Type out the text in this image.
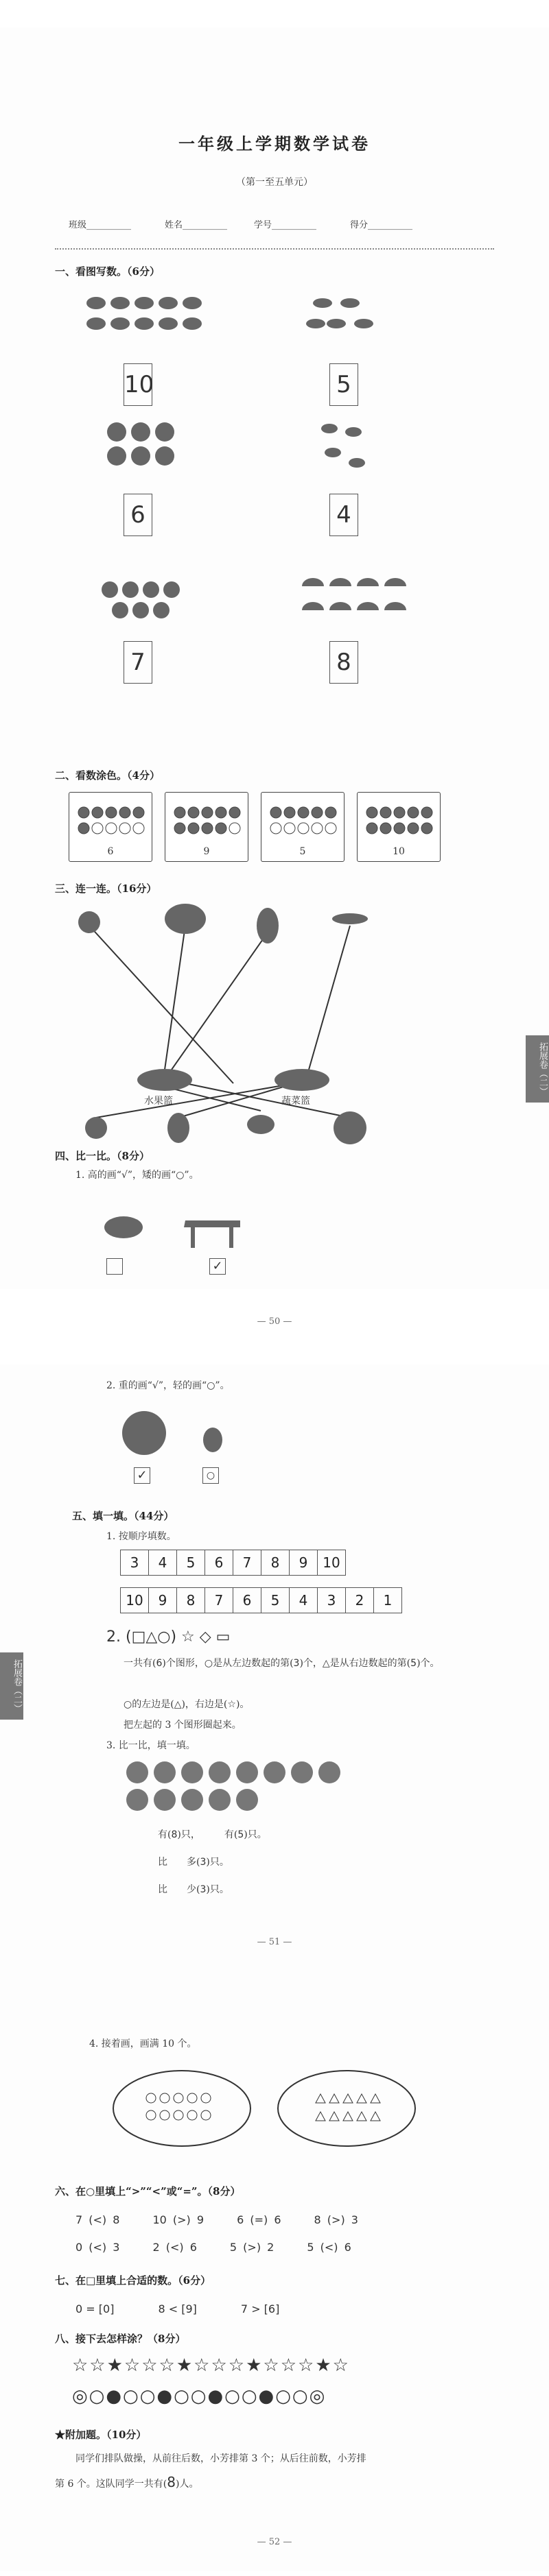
一年级上学期数学试卷
（第一至五单元）
班级__________	姓名__________	学号__________	得分__________
一、看图写数。（6分）
10	5
6	4
7	8
二、看数涂色。（4分）
6	9	5	10
三、连一连。（16分）
水果篮	蔬菜篮
拓展卷（二）
四、比一比。（8分）
1. 高的画“√”，矮的画“○”。
✓
— 50 —
2. 重的画“√”，轻的画“○”。
✓	○
五、填一填。（44分）
1. 按顺序填数。
3 4 5 6 7 8 9 10
10 9 8 7 6 5 4 3 2 1
2. (□△○) ☆ ◇ ▭
一共有(6)个图形，○是从左边数起的第(3)个，△是从右边数起的第(5)个。
○的左边是(△)，右边是(☆)。
把左起的 3 个图形圈起来。
3. 比一比，填一填。
有(8)只，　　　	有(5)只。
比　　 多(3)只。
比　　 少(3)只。
拓展卷（二）
— 51 —
4. 接着画，画满 10 个。
六、在○里填上“>”“<”或“=”。（8分）
7 (<) 8　　　	10 (>) 9　　　	6 (=) 6　　　	8 (>) 3
0 (<) 3　　　	2 (<) 6　　　	5 (>) 2　　　	5 (<) 6
七、在□里填上合适的数。（6分）
0 = [0]　　　　8 < [9]　　　　7 > [6]
八、接下去怎样涂？（8分）
☆☆★☆☆☆★☆☆☆★☆☆☆★☆
◎○●○○●○○●○○●○○◎
★附加题。（10分）
同学们排队做操，从前往后数，小芳排第 3 个；从后往前数，小芳排
第 6 个。这队同学一共有(8)人。
— 52 —
